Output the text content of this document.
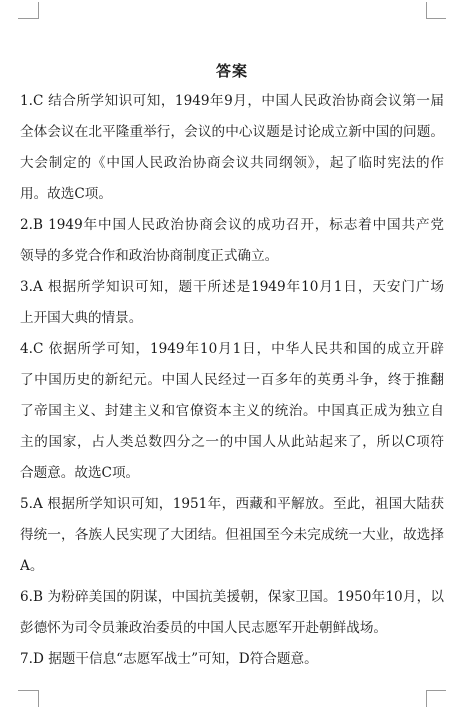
答案
1.C 结合所学知识可知，1949年9月，中国人民政治协商会议第一届
全体会议在北平隆重举行，会议的中心议题是讨论成立新中国的问题。
大会制定的《中国人民政治协商会议共同纲领》，起了临时宪法的作
用。故选C项。
2.B 1949年中国人民政治协商会议的成功召开，标志着中国共产党
领导的多党合作和政治协商制度正式确立。
3.A 根据所学知识可知，题干所述是1949年10月1日，天安门广场
上开国大典的情景。
4.C 依据所学可知，1949年10月1日，中华人民共和国的成立开辟
了中国历史的新纪元。中国人民经过一百多年的英勇斗争，终于推翻
了帝国主义、封建主义和官僚资本主义的统治。中国真正成为独立自
主的国家，占人类总数四分之一的中国人从此站起来了，所以C项符
合题意。故选C项。
5.A 根据所学知识可知，1951年，西藏和平解放。至此，祖国大陆获
得统一，各族人民实现了大团结。但祖国至今未完成统一大业，故选择
A。
6.B 为粉碎美国的阴谋，中国抗美援朝，保家卫国。1950年10月，以
彭德怀为司令员兼政治委员的中国人民志愿军开赴朝鲜战场。
7.D 据题干信息“志愿军战士”可知，D符合题意。
